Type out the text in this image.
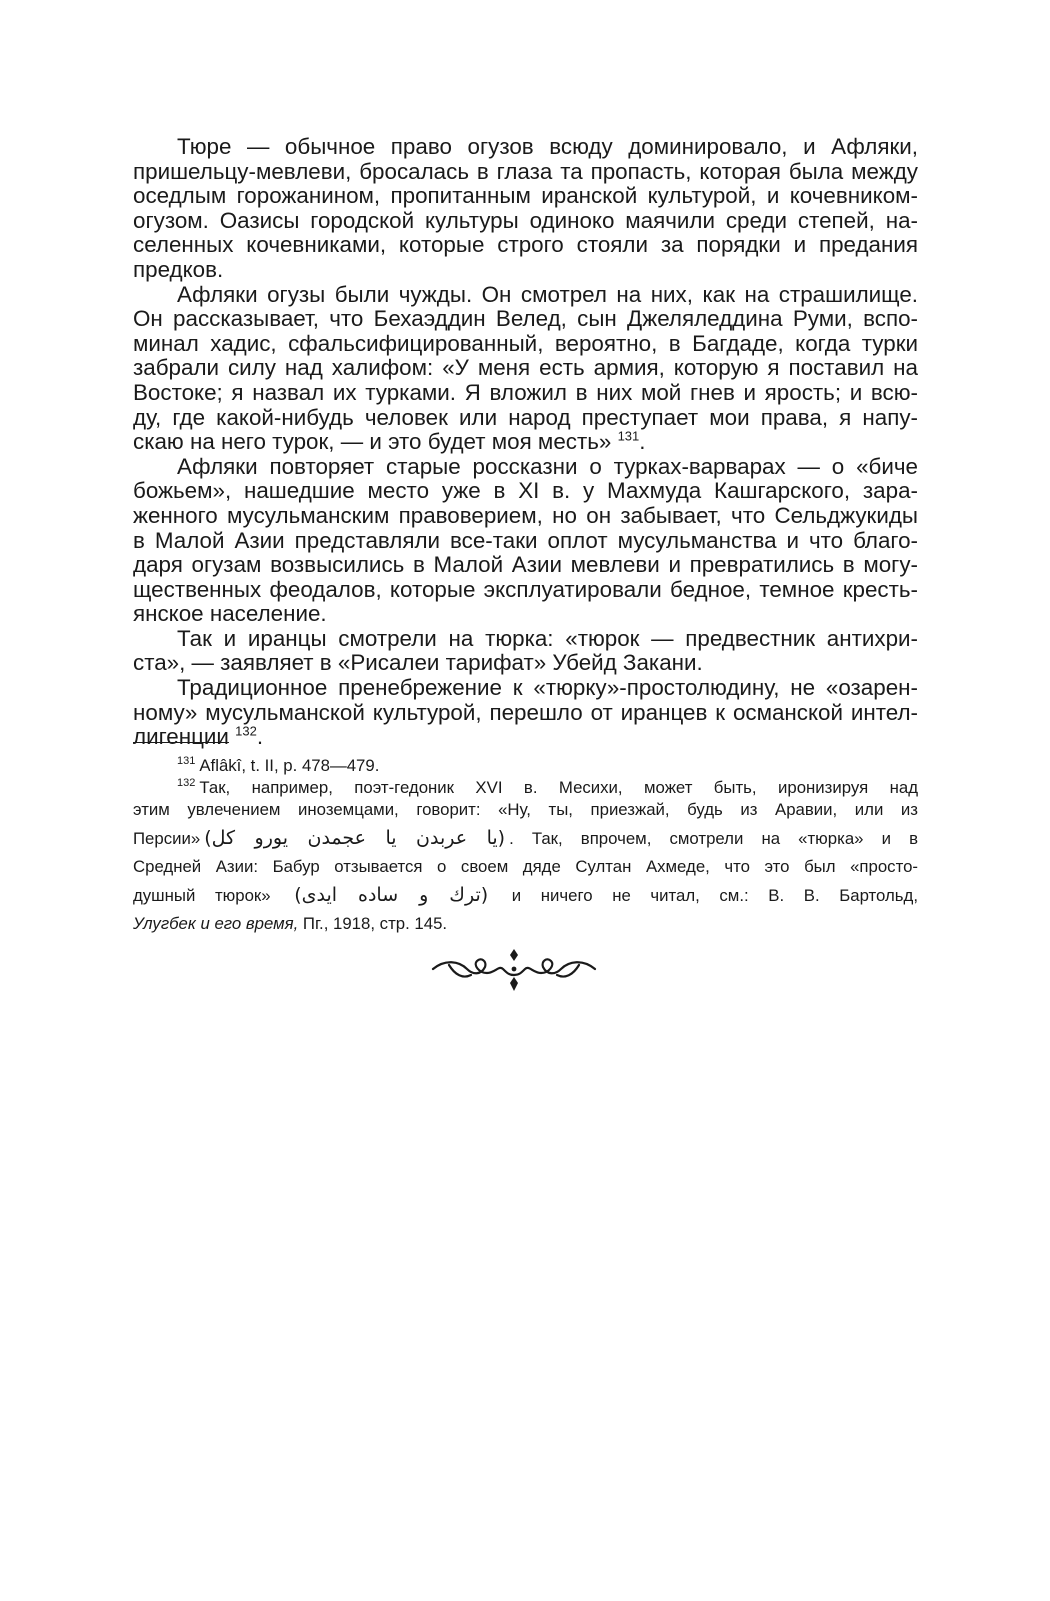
Тюре — обычное право огузов всюду доминировало, и Афляки,
пришельцу-мевлеви, бросалась в глаза та пропасть, которая была между
оседлым горожанином, пропитанным иранской культурой, и кочевником-
огузом. Оазисы городской культуры одиноко маячили среди степей, на-
селенных кочевниками, которые строго стояли за порядки и предания
предков.

Афляки огузы были чужды. Он смотрел на них, как на страшилище.
Он рассказывает, что Бехаэддин Велед, сын Джеляледдина Руми, вспо-
минал хадис, сфальсифицированный, вероятно, в Багдаде, когда турки
забрали силу над халифом: «У меня есть армия, которую я поставил на
Востоке; я назвал их турками. Я вложил в них мой гнев и ярость; и всю-
ду, где какой-нибудь человек или народ преступает мои права, я напу-
скаю на него турок, — и это будет моя месть» $^{131}$.

Афляки повторяет старые россказни о турках-варварах — о «биче
божьем», нашедшие место уже в XI в. у Махмуда Кашгарского, зара-
женного мусульманским правоверием, но он забывает, что Сельджукиды
в Малой Азии представляли все-таки оплот мусульманства и что благо-
даря огузам возвысились в Малой Азии мевлеви и превратились в могу-
щественных феодалов, которые эксплуатировали бедное, темное кресть-
янское население.

Так и иранцы смотрели на тюрка: «тюрок — предвестник антихри-
ста», — заявляет в «Рисалеи тарифат» Убейд Закани.

Традиционное пренебрежение к «тюрку»-простолюдину, не «озарен-
ному» мусульманской культурой, перешло от иранцев к османской интел-
лигенции $^{132}$.

$^{131}$ Aflâkî, t. II, p. 478—479.
$^{132}$ Так, например, поэт-гедоник XVI в. Месихи, может быть, иронизируя над
этим увлечением иноземцами, говорит: «Ну, ты, приезжай, будь из Аравии, или из
Персии» (یا عربدن یا عجمدن یورو کل) . Так, впрочем, смотрели на «тюрка» и в
Средней Азии: Бабур отзывается о своем дяде Султан Ахмеде, что это был «просто-
душный тюрок» (ترك و ساده ايدى) и ничего не читал, см.: В. В. Бартольд,
Улугбек и его время, Пг., 1918, стр. 145.
